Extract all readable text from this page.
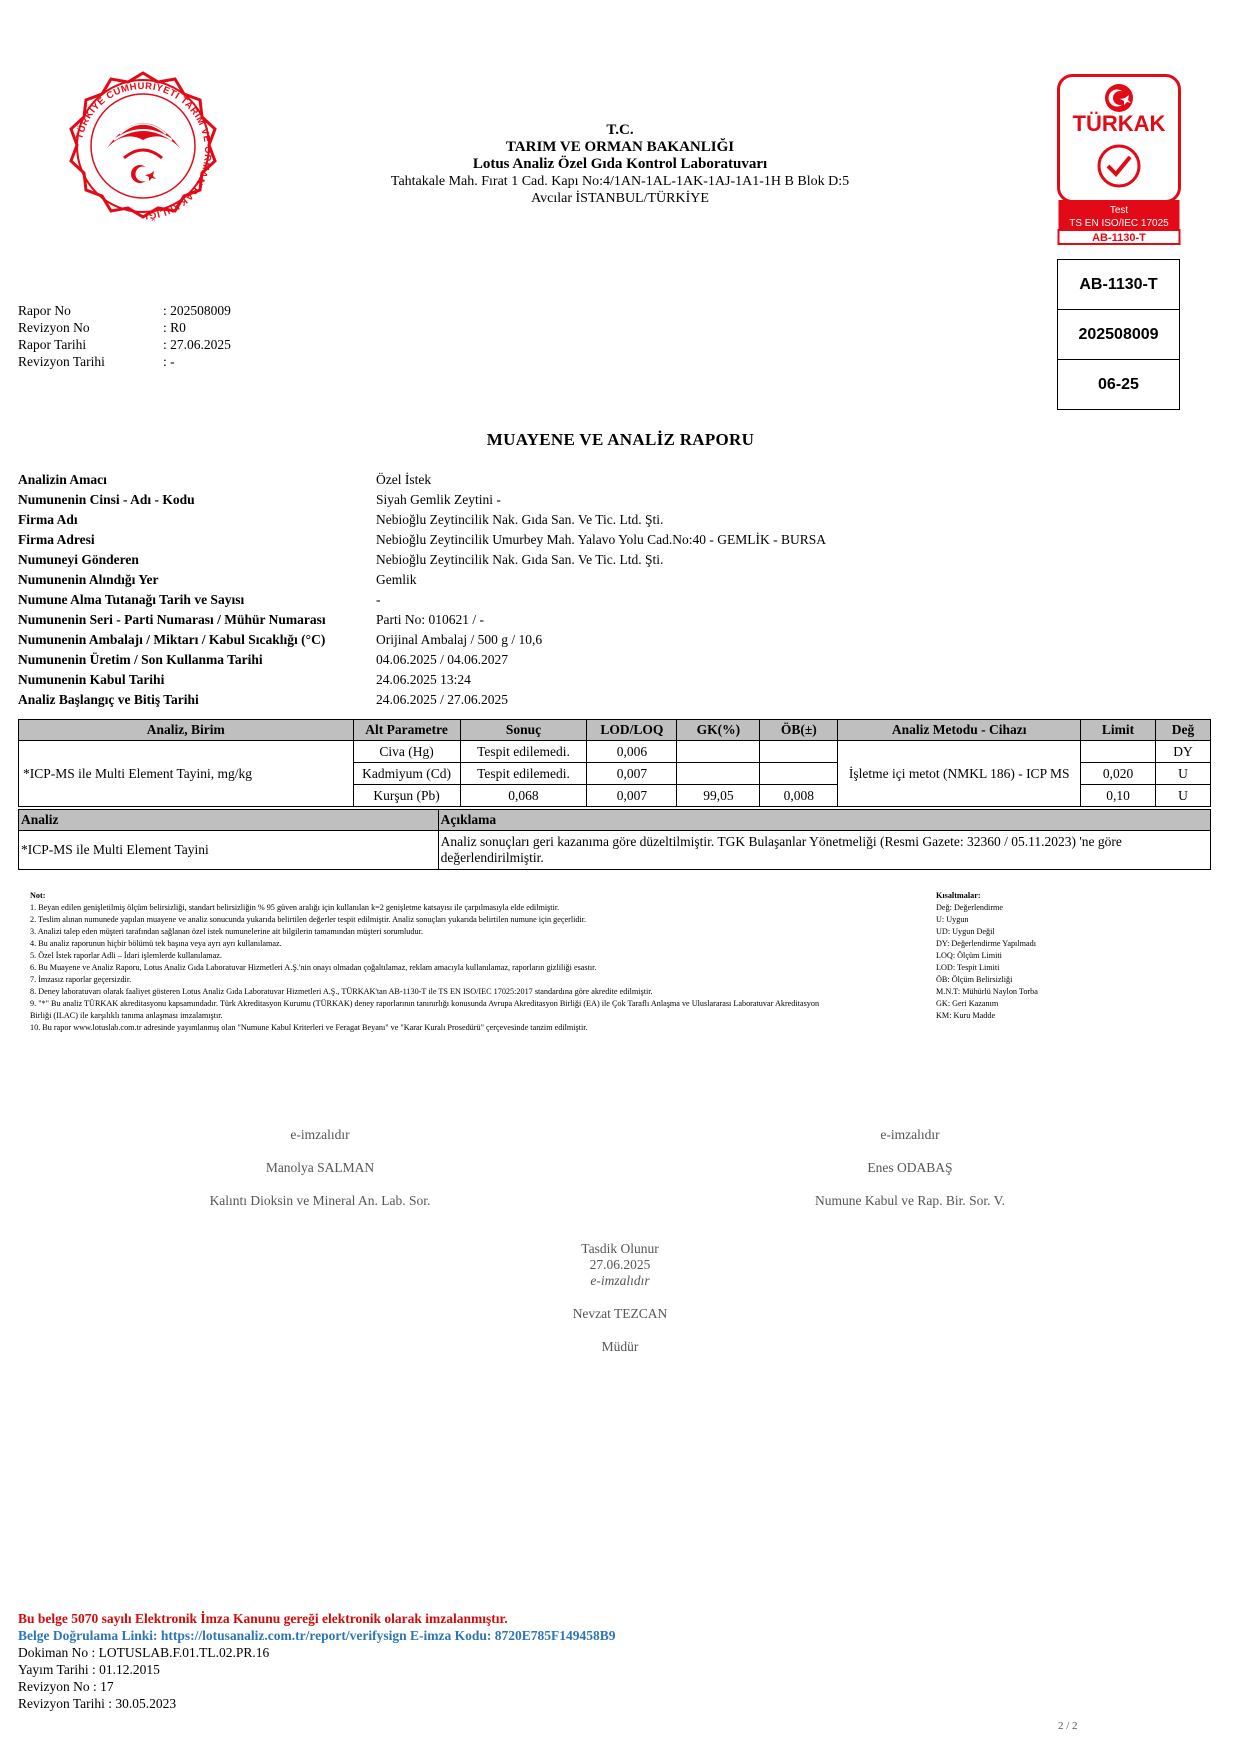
TÜRKİYE CUMHURİYETİ TARIM VE ORMAN BAKANLIĞI
T.C.
TARIM VE ORMAN BAKANLIĞI
Lotus Analiz Özel Gıda Kontrol Laboratuvarı
Tahtakale Mah. Fırat 1 Cad. Kapı No:4/1AN-1AL-1AK-1AJ-1A1-1H B Blok D:5
Avcılar İSTANBUL/TÜRKİYE
TÜRKAK
Test
TS EN ISO/IEC 17025
AB-1130-T
AB-1130-T
202508009
06-25
Rapor No	: 202508009
Revizyon No	: R0
Rapor Tarihi	: 27.06.2025
Revizyon Tarihi	: -
MUAYENE VE ANALİZ RAPORU
Analizin Amacı	Özel İstek
Numunenin Cinsi - Adı - Kodu	Siyah Gemlik Zeytini -
Firma Adı	Nebioğlu Zeytincilik Nak. Gıda San. Ve Tic. Ltd. Şti.
Firma Adresi	Nebioğlu Zeytincilik Umurbey Mah. Yalavo Yolu Cad.No:40 - GEMLİK - BURSA
Numuneyi Gönderen	Nebioğlu Zeytincilik Nak. Gıda San. Ve Tic. Ltd. Şti.
Numunenin Alındığı Yer	Gemlik
Numune Alma Tutanağı Tarih ve Sayısı	-
Numunenin Seri - Parti Numarası / Mühür Numarası	Parti No: 010621 / -
Numunenin Ambalajı / Miktarı / Kabul Sıcaklığı (°C)	Orijinal Ambalaj / 500 g / 10,6
Numunenin Üretim / Son Kullanma Tarihi	04.06.2025 / 04.06.2027
Numunenin Kabul Tarihi	24.06.2025 13:24
Analiz Başlangıç ve Bitiş Tarihi	24.06.2025 / 27.06.2025
Analiz, Birim	Alt Parametre	Sonuç	LOD/LOQ	GK(%)	ÖB(±)	Analiz Metodu - Cihazı	Limit	Değ
*ICP-MS ile Multi Element Tayini, mg/kg	Civa (Hg)	Tespit edilemedi.	0,006			İşletme içi metot (NMKL 186) - ICP MS		DY
	Kadmiyum (Cd)	Tespit edilemedi.	0,007				0,020	U
	Kurşun (Pb)	0,068	0,007	99,05	0,008		0,10	U
Analiz	Açıklama
*ICP-MS ile Multi Element Tayini	Analiz sonuçları geri kazanıma göre düzeltilmiştir. TGK Bulaşanlar Yönetmeliği (Resmi Gazete: 32360 / 05.11.2023) 'ne göre değerlendirilmiştir.
Not:
1. Beyan edilen genişletilmiş ölçüm belirsizliği, standart belirsizliğin % 95 güven aralığı için kullanılan k=2 genişletme katsayısı ile çarpılmasıyla elde edilmiştir.
2. Teslim alınan numunede yapılan muayene ve analiz sonucunda yukarıda belirtilen değerler tespit edilmiştir. Analiz sonuçları yukarıda belirtilen numune için geçerlidir.
3. Analizi talep eden müşteri tarafından sağlanan özel istek numunelerine ait bilgilerin tamamından müşteri sorumludur.
4. Bu analiz raporunun hiçbir bölümü tek başına veya ayrı ayrı kullanılamaz.
5. Özel İstek raporlar Adli – İdari işlemlerde kullanılamaz.
6. Bu Muayene ve Analiz Raporu, Lotus Analiz Gıda Laboratuvar Hizmetleri A.Ş.'nin onayı olmadan çoğaltılamaz, reklam amacıyla kullanılamaz, raporların gizliliği esastır.
7. İmzasız raporlar geçersizdir.
8. Deney laboratuvarı olarak faaliyet gösteren Lotus Analiz Gıda Laboratuvar Hizmetleri A.Ş., TÜRKAK'tan AB-1130-T ile TS EN ISO/IEC 17025:2017 standardına göre akredite edilmiştir.
9. "*" Bu analiz TÜRKAK akreditasyonu kapsamındadır. Türk Akreditasyon Kurumu (TÜRKAK) deney raporlarının tanınırlığı konusunda Avrupa Akreditasyon Birliği (EA) ile Çok Taraflı Anlaşma ve Uluslararası Laboratuvar Akreditasyon Birliği (ILAC) ile karşılıklı tanıma anlaşması imzalamıştır.
10. Bu rapor www.lotuslab.com.tr adresinde yayımlanmış olan "Numune Kabul Kriterleri ve Feragat Beyanı" ve "Karar Kuralı Prosedürü" çerçevesinde tanzim edilmiştir.
Kısaltmalar:
Değ: Değerlendirme
U: Uygun
UD: Uygun Değil
DY: Değerlendirme Yapılmadı
LOQ: Ölçüm Limiti
LOD: Tespit Limiti
ÖB: Ölçüm Belirsizliği
M.N.T: Mühürlü Naylon Torba
GK: Geri Kazanım
KM: Kuru Madde
e-imzalıdır
Manolya SALMAN
Kalıntı Dioksin ve Mineral An. Lab. Sor.
e-imzalıdır
Enes ODABAŞ
Numune Kabul ve Rap. Bir. Sor. V.
Tasdik Olunur
27.06.2025
e-imzalıdır
Nevzat TEZCAN
Müdür
Bu belge 5070 sayılı Elektronik İmza Kanunu gereği elektronik olarak imzalanmıştır.
Belge Doğrulama Linki: https://lotusanaliz.com.tr/report/verifysign E-imza Kodu: 8720E785F149458B9
Dokiman No : LOTUSLAB.F.01.TL.02.PR.16
Yayım Tarihi : 01.12.2015
Revizyon No : 17
Revizyon Tarihi : 30.05.2023
2 / 2
